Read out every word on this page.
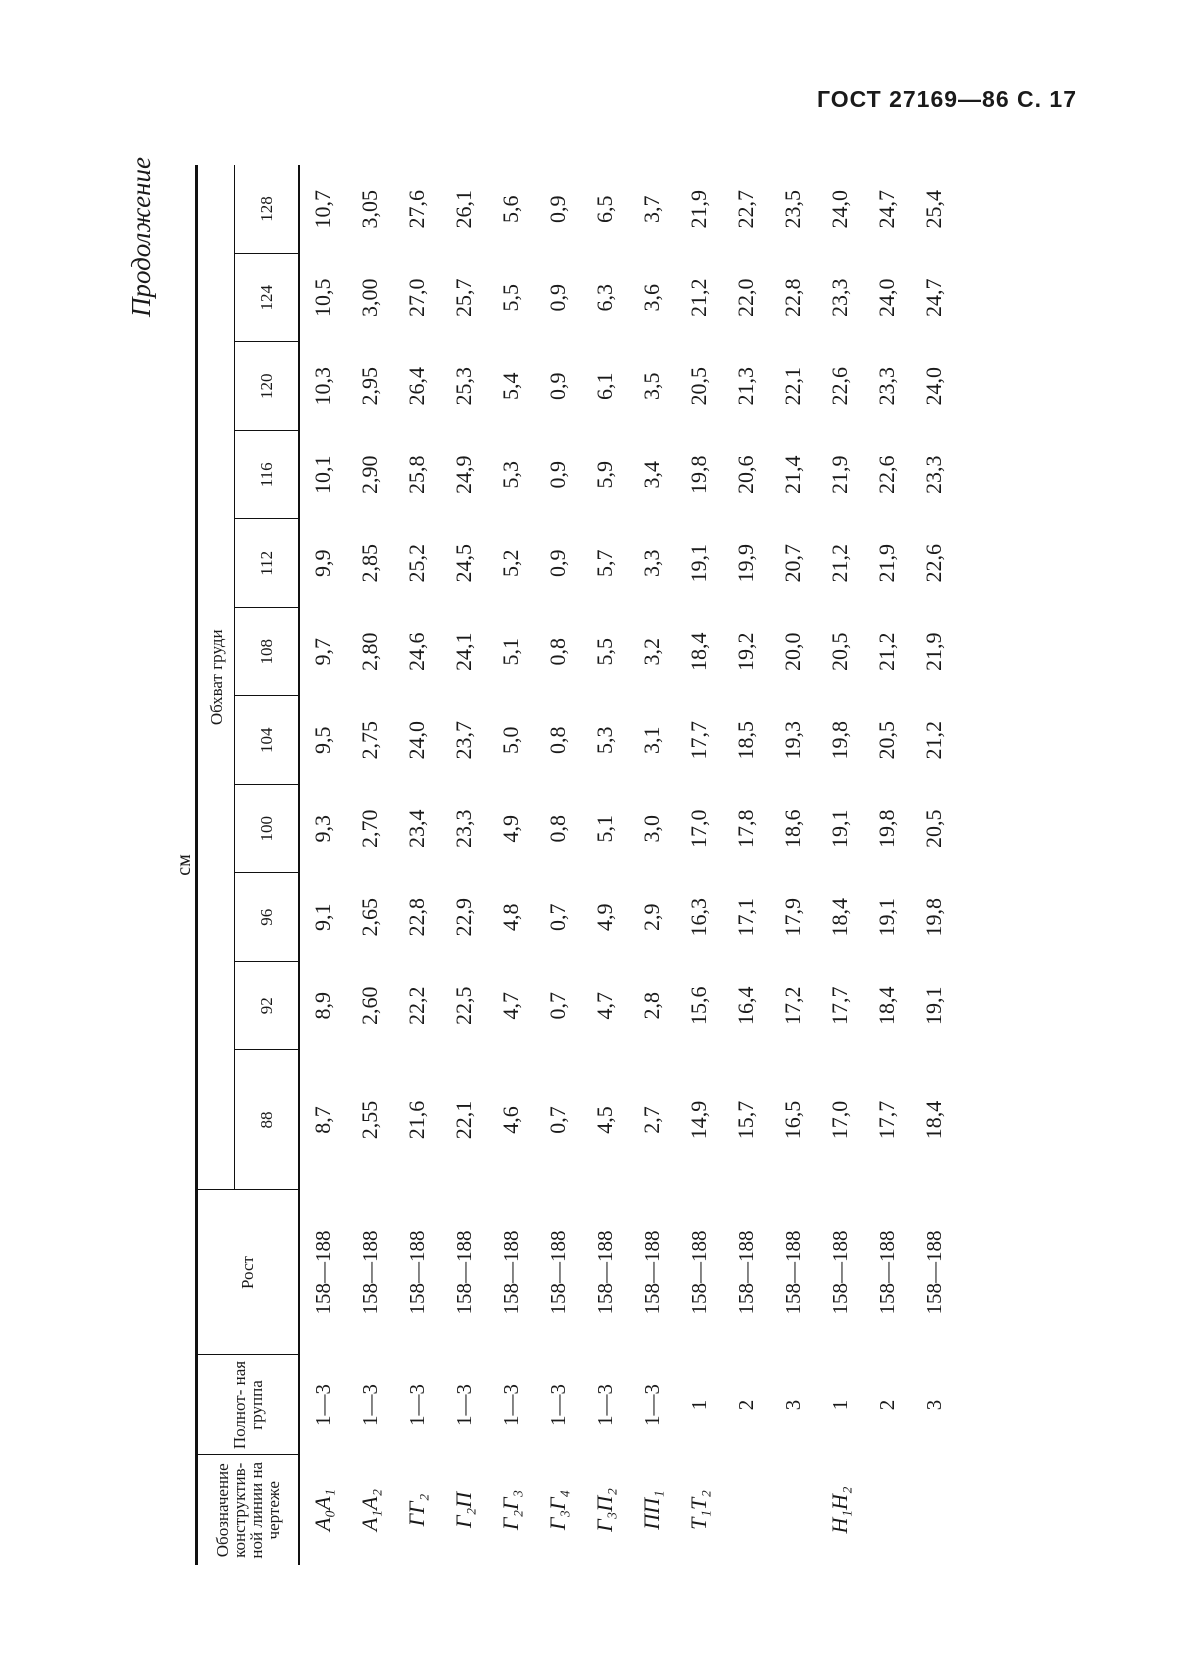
ГОСТ 27169—86 С. 17
Продолжение
см
Обозначение конструктив- ной линии на чертеже	Полнот- ная группа	Рост	Обхват груди										
			88	92	96	100	104	108	112	116	120	124	128
A₀A₁	1—3	158—188	8,7	8,9	9,1	9,3	9,5	9,7	9,9	10,1	10,3	10,5	10,7
A₁A₂	1—3	158—188	2,55	2,60	2,65	2,70	2,75	2,80	2,85	2,90	2,95	3,00	3,05
ГГ₂	1—3	158—188	21,6	22,2	22,8	23,4	24,0	24,6	25,2	25,8	26,4	27,0	27,6
Г₂П	1—3	158—188	22,1	22,5	22,9	23,3	23,7	24,1	24,5	24,9	25,3	25,7	26,1
Г₂Г₃	1—3	158—188	4,6	4,7	4,8	4,9	5,0	5,1	5,2	5,3	5,4	5,5	5,6
Г₃Г₄	1—3	158—188	0,7	0,7	0,7	0,8	0,8	0,8	0,9	0,9	0,9	0,9	0,9
Г₃П₂	1—3	158—188	4,5	4,7	4,9	5,1	5,3	5,5	5,7	5,9	6,1	6,3	6,5
ПП₁	1—3	158—188	2,7	2,8	2,9	3,0	3,1	3,2	3,3	3,4	3,5	3,6	3,7
T₁T₂	1	158—188	14,9	15,6	16,3	17,0	17,7	18,4	19,1	19,8	20,5	21,2	21,9
	2	158—188	15,7	16,4	17,1	17,8	18,5	19,2	19,9	20,6	21,3	22,0	22,7
	3	158—188	16,5	17,2	17,9	18,6	19,3	20,0	20,7	21,4	22,1	22,8	23,5
H₁H₂	1	158—188	17,0	17,7	18,4	19,1	19,8	20,5	21,2	21,9	22,6	23,3	24,0
	2	158—188	17,7	18,4	19,1	19,8	20,5	21,2	21,9	22,6	23,3	24,0	24,7
	3	158—188	18,4	19,1	19,8	20,5	21,2	21,9	22,6	23,3	24,0	24,7	25,4
